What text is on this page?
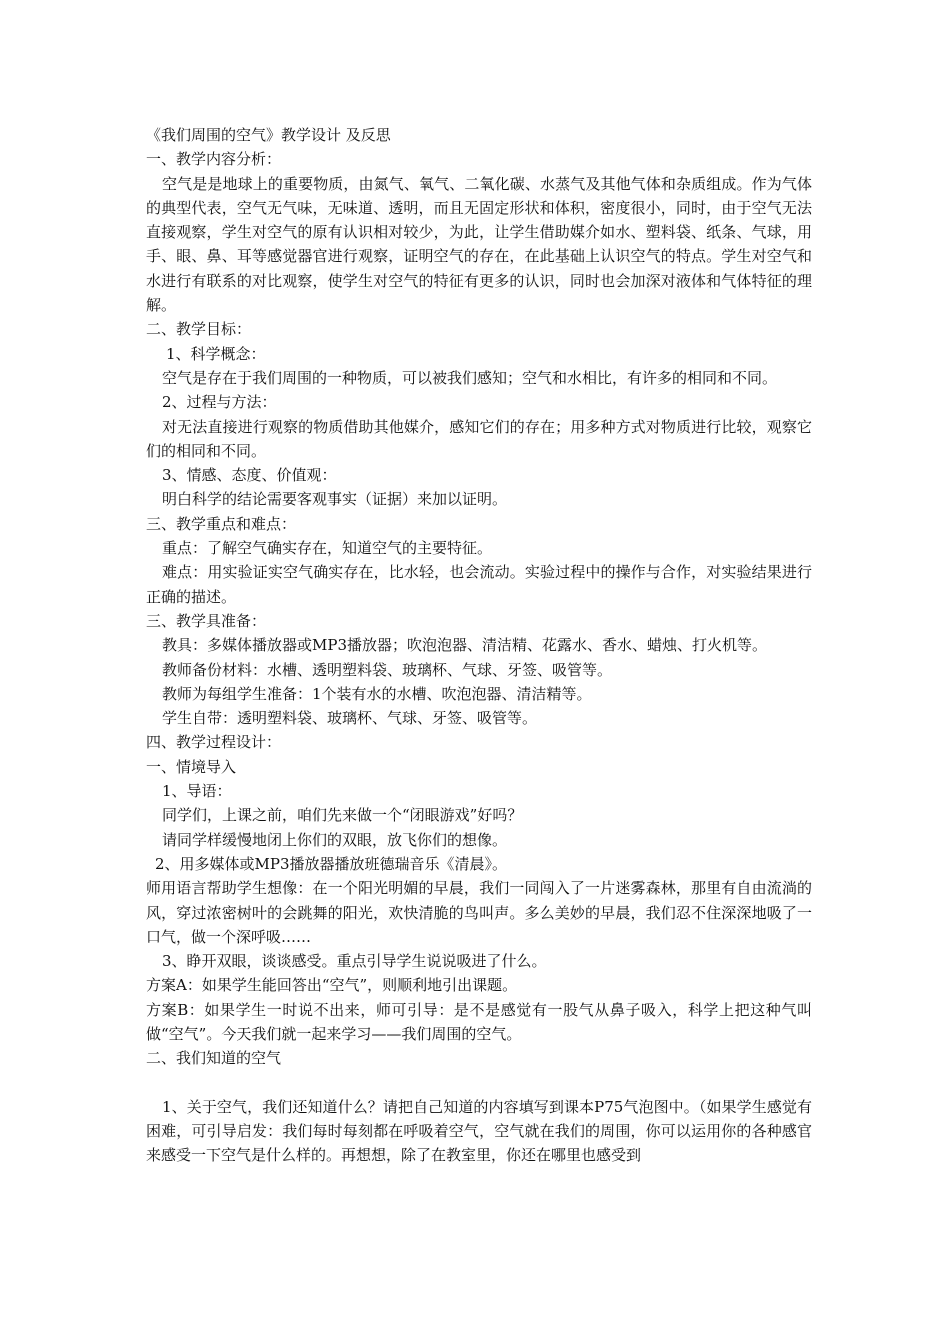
《我们周围的空气》教学设计 及反思
一、教学内容分析：
空气是是地球上的重要物质，由氮气、氧气、二氧化碳、水蒸气及其他气体和杂质组成。作为气体的典型代表，空气无气味，无味道、透明，而且无固定形状和体积，密度很小，同时，由于空气无法直接观察，学生对空气的原有认识相对较少，为此，让学生借助媒介如水、塑料袋、纸条、气球，用手、眼、鼻、耳等感觉器官进行观察，证明空气的存在，在此基础上认识空气的特点。学生对空气和水进行有联系的对比观察，使学生对空气的特征有更多的认识，同时也会加深对液体和气体特征的理解。
二、教学目标：
1、科学概念：
空气是存在于我们周围的一种物质，可以被我们感知；空气和水相比，有许多的相同和不同。
2、过程与方法：
对无法直接进行观察的物质借助其他媒介，感知它们的存在；用多种方式对物质进行比较，观察它们的相同和不同。
3、情感、态度、价值观：
明白科学的结论需要客观事实（证据）来加以证明。
三、教学重点和难点：
重点：了解空气确实存在，知道空气的主要特征。
难点：用实验证实空气确实存在，比水轻，也会流动。实验过程中的操作与合作，对实验结果进行正确的描述。
三、教学具准备：
教具：多媒体播放器或MP3播放器；吹泡泡器、清洁精、花露水、香水、蜡烛、打火机等。
教师备份材料：水槽、透明塑料袋、玻璃杯、气球、牙签、吸管等。
教师为每组学生准备：1个装有水的水槽、吹泡泡器、清洁精等。
学生自带：透明塑料袋、玻璃杯、气球、牙签、吸管等。
四、教学过程设计：
一、情境导入
1、导语：
同学们，上课之前，咱们先来做一个“闭眼游戏”好吗？
请同学样缓慢地闭上你们的双眼，放飞你们的想像。
2、用多媒体或MP3播放器播放班德瑞音乐《清晨》。
师用语言帮助学生想像：在一个阳光明媚的早晨，我们一同闯入了一片迷雾森林，那里有自由流淌的风，穿过浓密树叶的会跳舞的阳光，欢快清脆的鸟叫声。多么美妙的早晨，我们忍不住深深地吸了一口气，做一个深呼吸……
3、睁开双眼，谈谈感受。重点引导学生说说吸进了什么。
方案A：如果学生能回答出“空气”，则顺利地引出课题。
方案B：如果学生一时说不出来，师可引导：是不是感觉有一股气从鼻子吸入，科学上把这种气叫做“空气”。今天我们就一起来学习——我们周围的空气。
二、我们知道的空气
1、关于空气，我们还知道什么？请把自己知道的内容填写到课本P75气泡图中。（如果学生感觉有困难，可引导启发：我们每时每刻都在呼吸着空气，空气就在我们的周围，你可以运用你的各种感官来感受一下空气是什么样的。再想想，除了在教室里，你还在哪里也感受到
